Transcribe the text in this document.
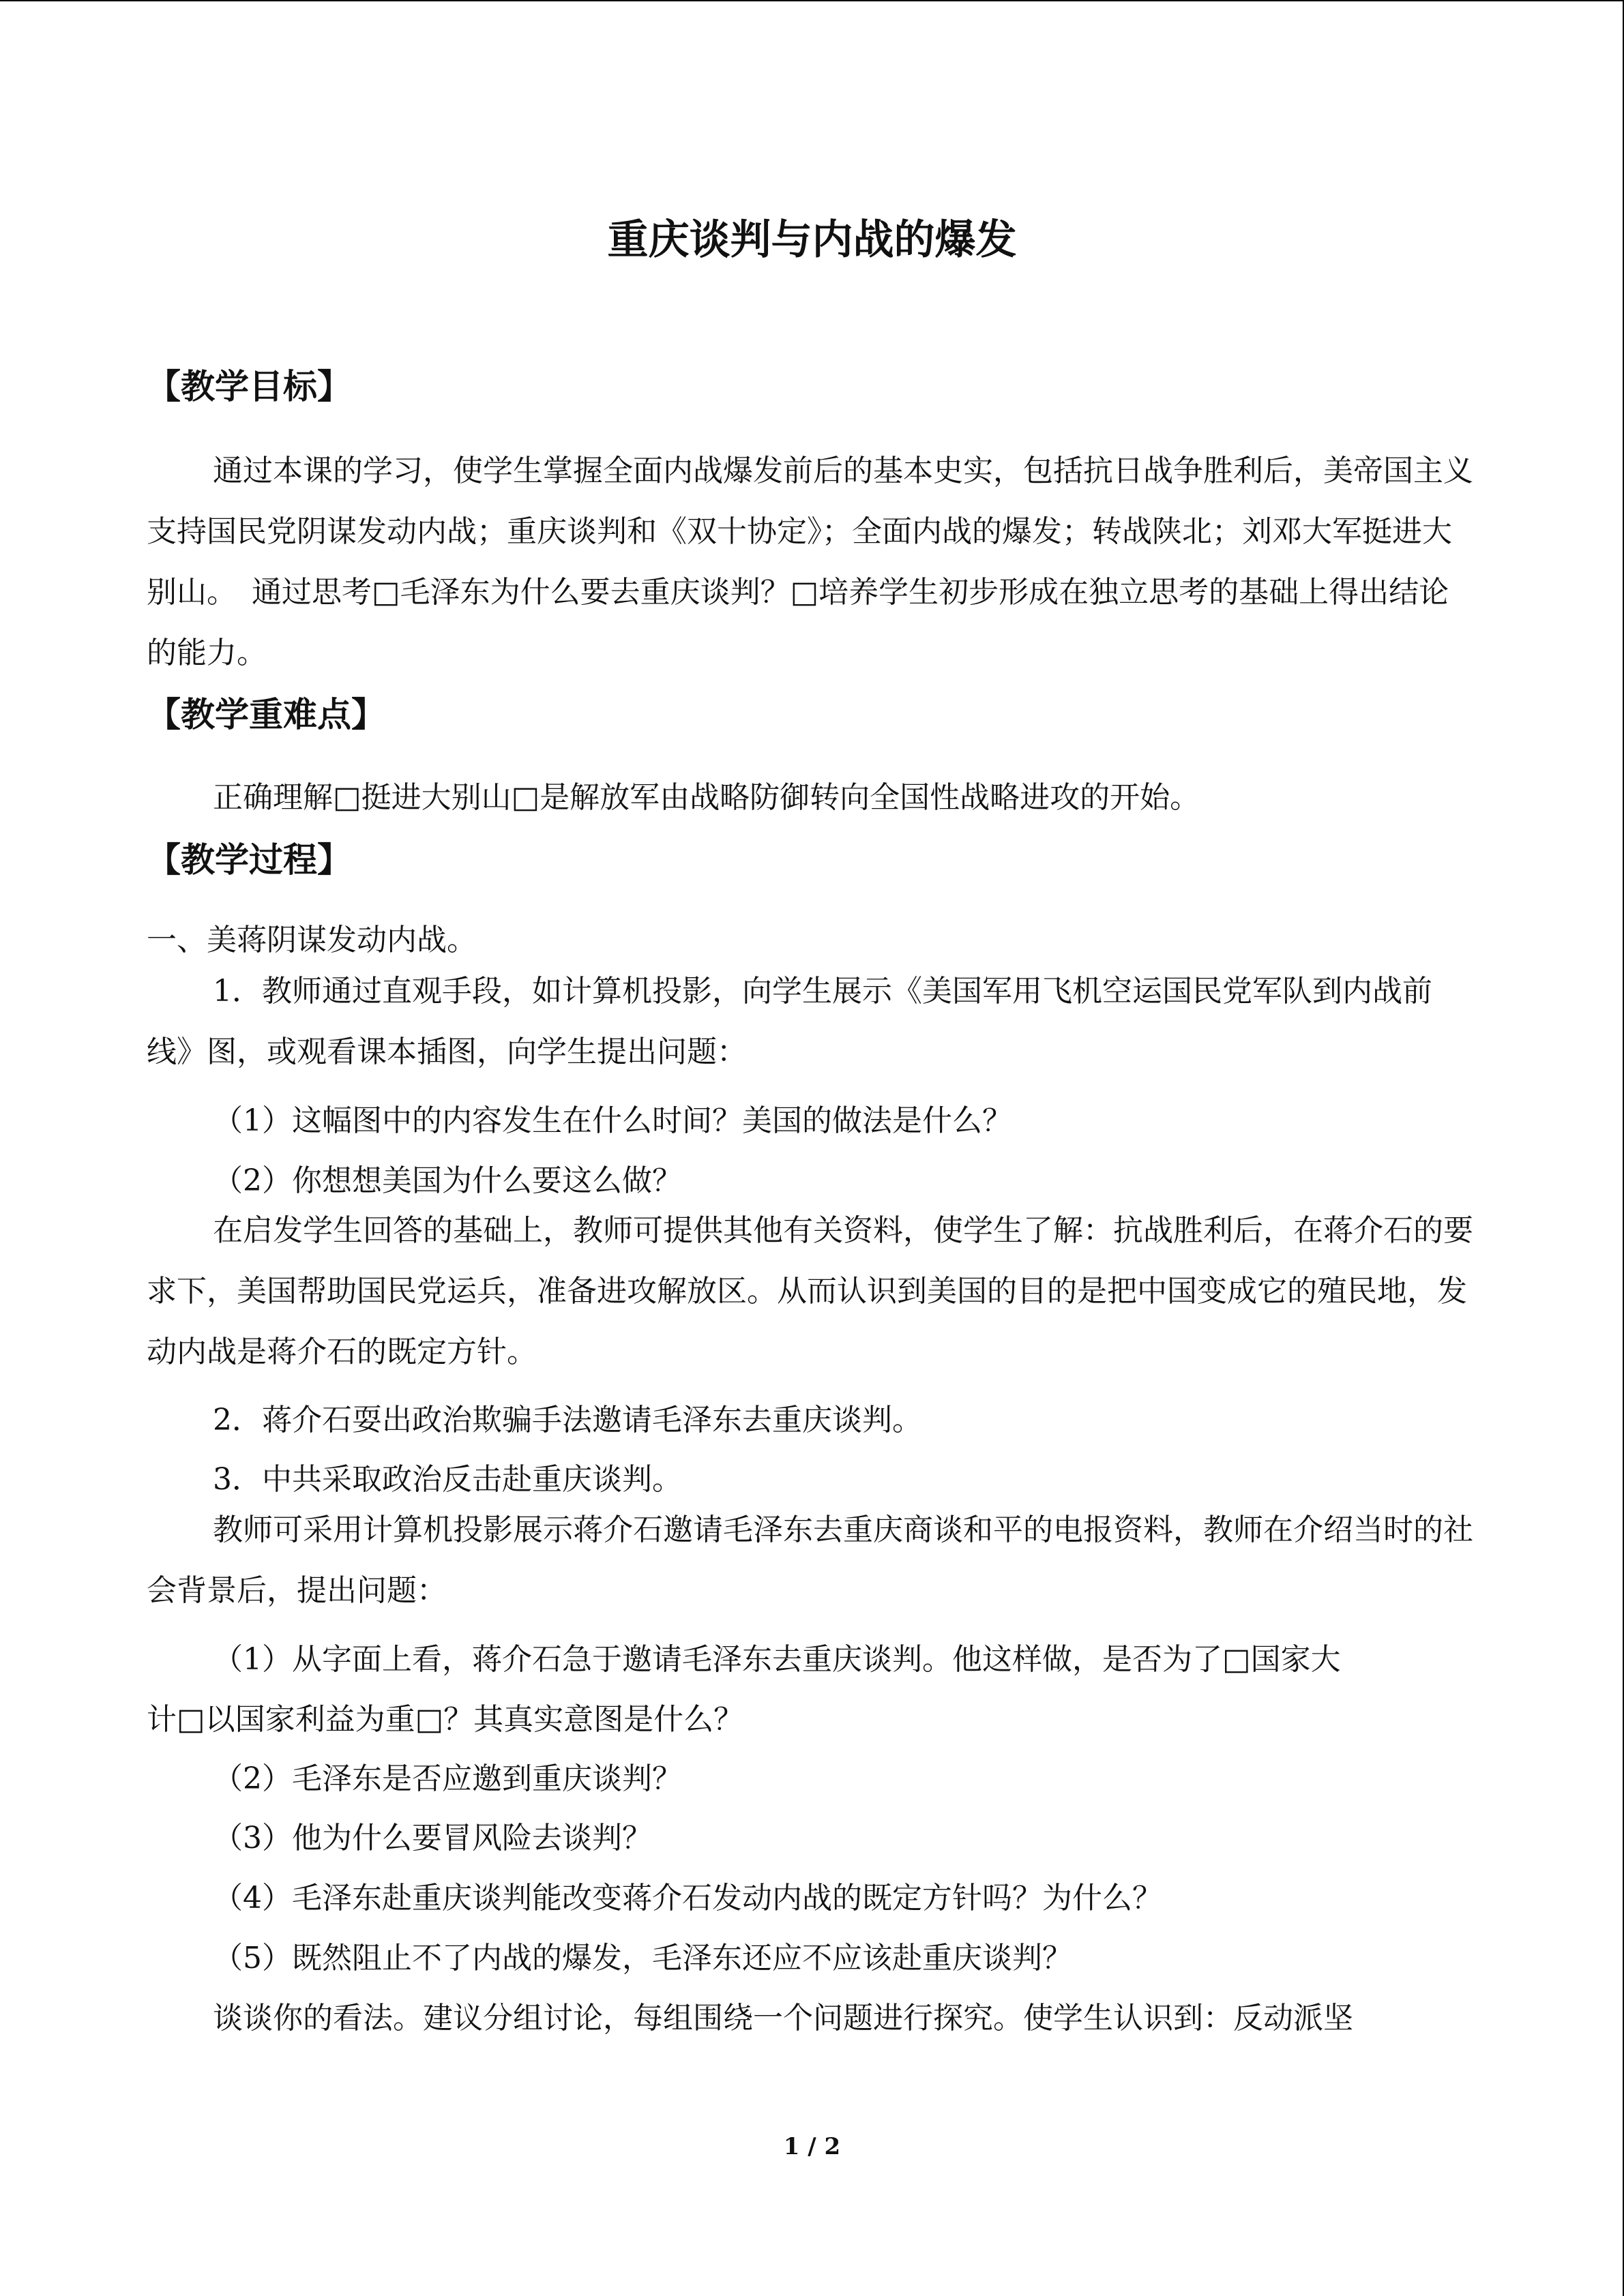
重庆谈判与内战的爆发
【教学目标】
通过本课的学习，使学生掌握全面内战爆发前后的基本史实，包括抗日战争胜利后，美帝国主义支持国民党阴谋发动内战；重庆谈判和《双十协定》；全面内战的爆发；转战陕北；刘邓大军挺进大别山。　通过思考□毛泽东为什么要去重庆谈判？□培养学生初步形成在独立思考的基础上得出结论的能力。
【教学重难点】
正确理解□挺进大别山□是解放军由战略防御转向全国性战略进攻的开始。
【教学过程】
一、美蒋阴谋发动内战。
1．教师通过直观手段，如计算机投影，向学生展示《美国军用飞机空运国民党军队到内战前线》图，或观看课本插图，向学生提出问题：
（1）这幅图中的内容发生在什么时间？美国的做法是什么？
（2）你想想美国为什么要这么做？
在启发学生回答的基础上，教师可提供其他有关资料，使学生了解：抗战胜利后，在蒋介石的要求下，美国帮助国民党运兵，准备进攻解放区。从而认识到美国的目的是把中国变成它的殖民地，发动内战是蒋介石的既定方针。
2．蒋介石耍出政治欺骗手法邀请毛泽东去重庆谈判。
3．中共采取政治反击赴重庆谈判。
教师可采用计算机投影展示蒋介石邀请毛泽东去重庆商谈和平的电报资料，教师在介绍当时的社会背景后，提出问题：
（1）从字面上看，蒋介石急于邀请毛泽东去重庆谈判。他这样做，是否为了□国家大
计□以国家利益为重□？其真实意图是什么？
（2）毛泽东是否应邀到重庆谈判？
（3）他为什么要冒风险去谈判？
（4）毛泽东赴重庆谈判能改变蒋介石发动内战的既定方针吗？为什么？
（5）既然阻止不了内战的爆发，毛泽东还应不应该赴重庆谈判？
谈谈你的看法。建议分组讨论，每组围绕一个问题进行探究。使学生认识到：反动派坚
1 / 2
